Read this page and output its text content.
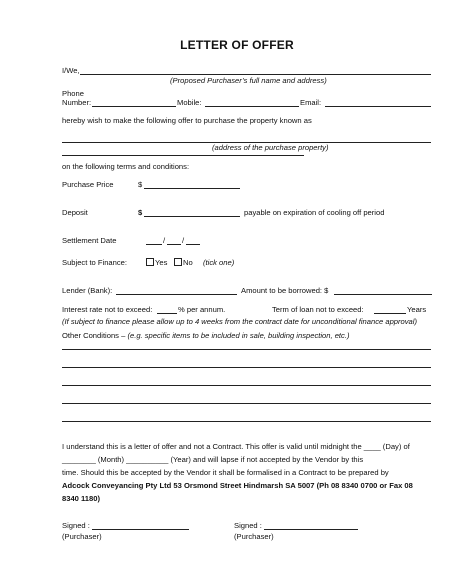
LETTER OF OFFER
I/We,
(Proposed Purchaser’s full name and address)
Phone
Number:	Mobile:	Email:
hereby wish to make the following offer to purchase the property known as
(address of the purchase property)
on the following terms and conditions:
Purchase Price	$
Deposit	$	payable on expiration of cooling off period
Settlement Date	/ /
Subject to Finance:	Yes	No (tick one)
Lender (Bank):	Amount to be borrowed: $
Interest rate not to exceed:	% per annum.	Term of loan not to exceed:	Years
(If subject to finance please allow up to 4 weeks from the contract date for unconditional finance approval)
Other Conditions – (e.g. specific items to be included in sale, building inspection, etc.)
I understand this is a letter of offer and not a Contract. This offer is valid until midnight the ____ (Day) of
________ (Month) __________ (Year) and will lapse if not accepted by the Vendor by this
time. Should this be accepted by the Vendor it shall be formalised in a Contract to be prepared by
Adcock Conveyancing Pty Ltd 53 Orsmond Street Hindmarsh SA 5007 (Ph 08 8340 0700 or Fax 08
8340 1180)
Signed :
(Purchaser)
Signed :
(Purchaser)
